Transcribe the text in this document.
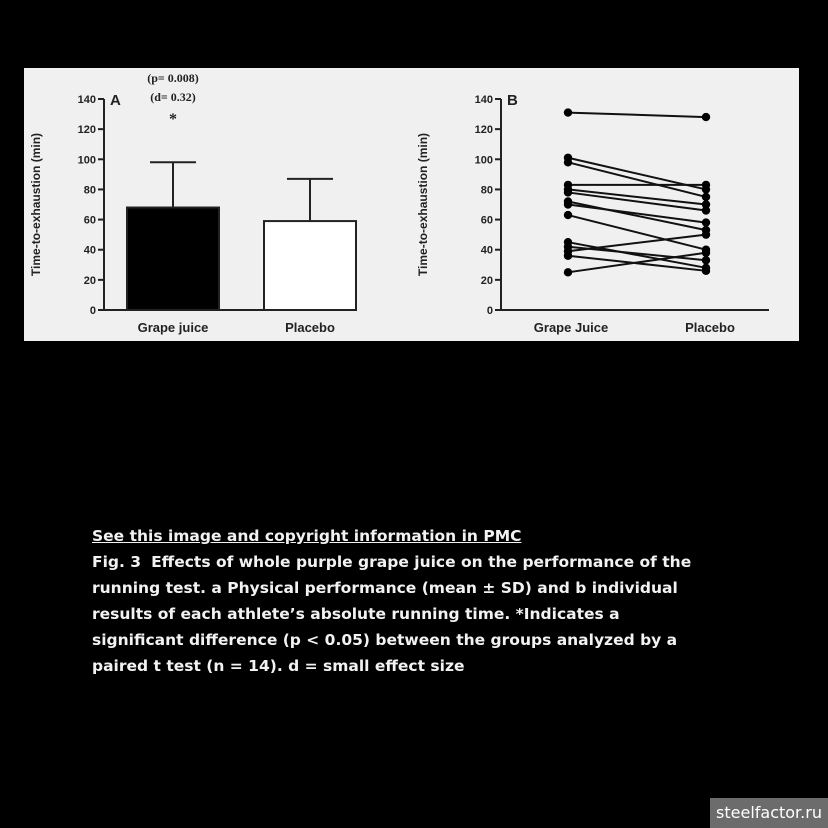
0
20
40
60
80
100
120
140
Time-to-exhaustion (min)
A
Grape juice	Placebo
(p= 0.008)
(d= 0.32)
*
0
20
40
60
80
100
120
140
Time-to-exhaustion (min)
B
Grape Juice	Placebo
See this image and copyright information in PMC
Fig. 3 Effects of whole purple grape juice on the performance of the
running test. a Physical performance (mean ± SD) and b individual
results of each athlete’s absolute running time. *Indicates a
significant difference (p < 0.05) between the groups analyzed by a
paired t test (n = 14). d = small effect size
steelfactor.ru
